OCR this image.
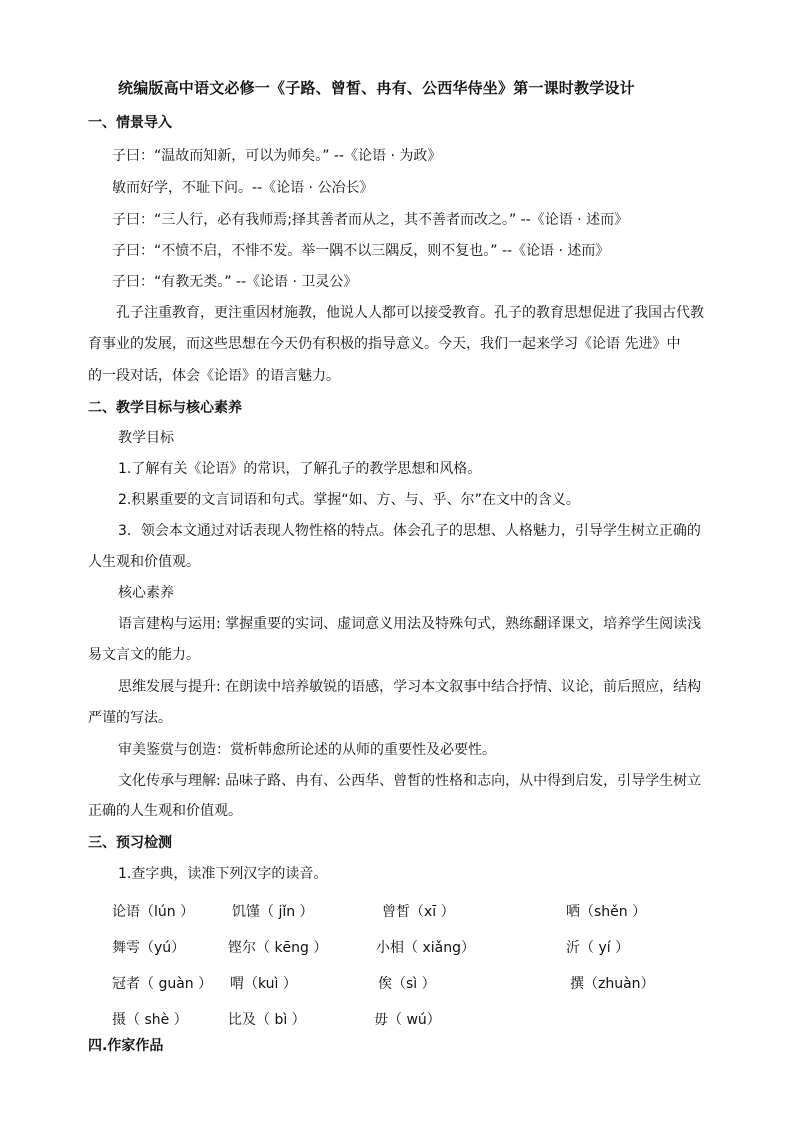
统编版高中语文必修一《子路、曾皙、冉有、公西华侍坐》第一课时教学设计
一、情景导入
子曰：“温故而知新，可以为师矣。” --《论语 · 为政》
敏而好学，不耻下问。--《论语 · 公冶长》
子曰：“三人行，必有我师焉;择其善者而从之，其不善者而改之。” --《论语 · 述而》
子曰：“不愤不启，不悱不发。举一隅不以三隅反，则不复也。” --《论语 · 述而》
子曰：“有教无类。” --《论语 · 卫灵公》
孔子注重教育，更注重因材施教，他说人人都可以接受教育。孔子的教育思想促进了我国古代教
育事业的发展，而这些思想在今天仍有积极的指导意义。今天，我们一起来学习《论语 先进》中
的一段对话，体会《论语》的语言魅力。
二、教学目标与核心素养
教学目标
1.了解有关《论语》的常识，了解孔子的教学思想和风格。
2.积累重要的文言词语和句式。掌握“如、方、与、乎、尔”在文中的含义。
3．领会本文通过对话表现人物性格的特点。体会孔子的思想、人格魅力，引导学生树立正确的
人生观和价值观。
核心素养
语言建构与运用: 掌握重要的实词、虚词意义用法及特殊句式，熟练翻译课文，培养学生阅读浅
易文言文的能力。
思维发展与提升: 在朗读中培养敏锐的语感，学习本文叙事中结合抒情、议论，前后照应，结构
严谨的写法。
审美鉴赏与创造：赏析韩愈所论述的从师的重要性及必要性。
文化传承与理解: 品味子路、冉有、公西华、曾皙的性格和志向，从中得到启发，引导学生树立
正确的人生观和价值观。
三、预习检测
1.查字典，读准下列汉字的读音。
论语（lún ）	饥馑（ jǐn ）	曾皙（xī ）	哂（shěn ）
舞雩（yú）	铿尔（ kēng ）	小相（ xiǎng）	沂（ yí ）
冠者（ guàn ） 喟（kuì ）	俟（sì ）	撰（zhuàn）
摄（ shè ）	比及（ bì ）	毋（ wú）
四.作家作品
